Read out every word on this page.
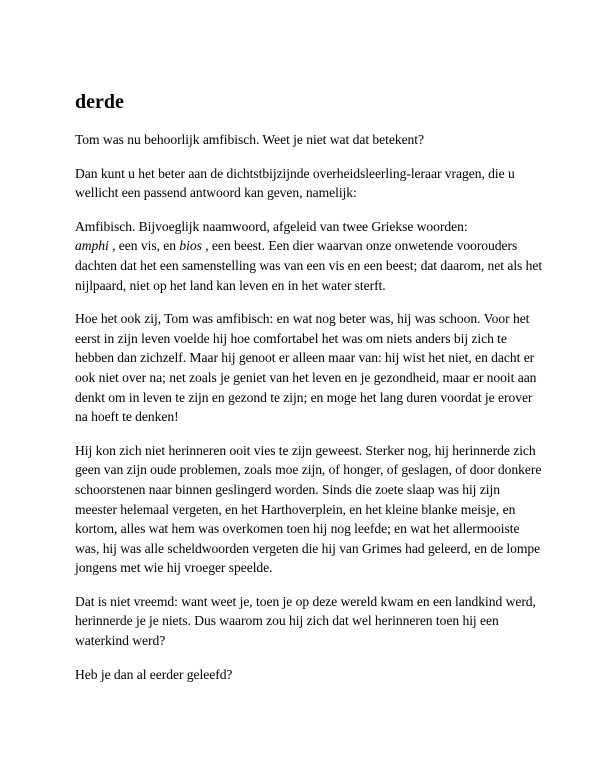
derde

Tom was nu behoorlijk amfibisch. Weet je niet wat dat betekent?

Dan kunt u het beter aan de dichtstbijzijnde overheidsleerling-leraar vragen, die u wellicht een passend antwoord kan geven, namelijk:

Amfibisch. Bijvoeglijk naamwoord, afgeleid van twee Griekse woorden:
amphi , een vis, en bios , een beest. Een dier waarvan onze onwetende voorouders dachten dat het een samenstelling was van een vis en een beest; dat daarom, net als het nijlpaard, niet op het land kan leven en in het water sterft.

Hoe het ook zij, Tom was amfibisch: en wat nog beter was, hij was schoon. Voor het eerst in zijn leven voelde hij hoe comfortabel het was om niets anders bij zich te hebben dan zichzelf. Maar hij genoot er alleen maar van: hij wist het niet, en dacht er ook niet over na; net zoals je geniet van het leven en je gezondheid, maar er nooit aan denkt om in leven te zijn en gezond te zijn; en moge het lang duren voordat je erover na hoeft te denken!

Hij kon zich niet herinneren ooit vies te zijn geweest. Sterker nog, hij herinnerde zich geen van zijn oude problemen, zoals moe zijn, of honger, of geslagen, of door donkere schoorstenen naar binnen geslingerd worden. Sinds die zoete slaap was hij zijn meester helemaal vergeten, en het Harthoverplein, en het kleine blanke meisje, en kortom, alles wat hem was overkomen toen hij nog leefde; en wat het allermooiste was, hij was alle scheldwoorden vergeten die hij van Grimes had geleerd, en de lompe jongens met wie hij vroeger speelde.

Dat is niet vreemd: want weet je, toen je op deze wereld kwam en een landkind werd, herinnerde je je niets. Dus waarom zou hij zich dat wel herinneren toen hij een waterkind werd?

Heb je dan al eerder geleefd?
